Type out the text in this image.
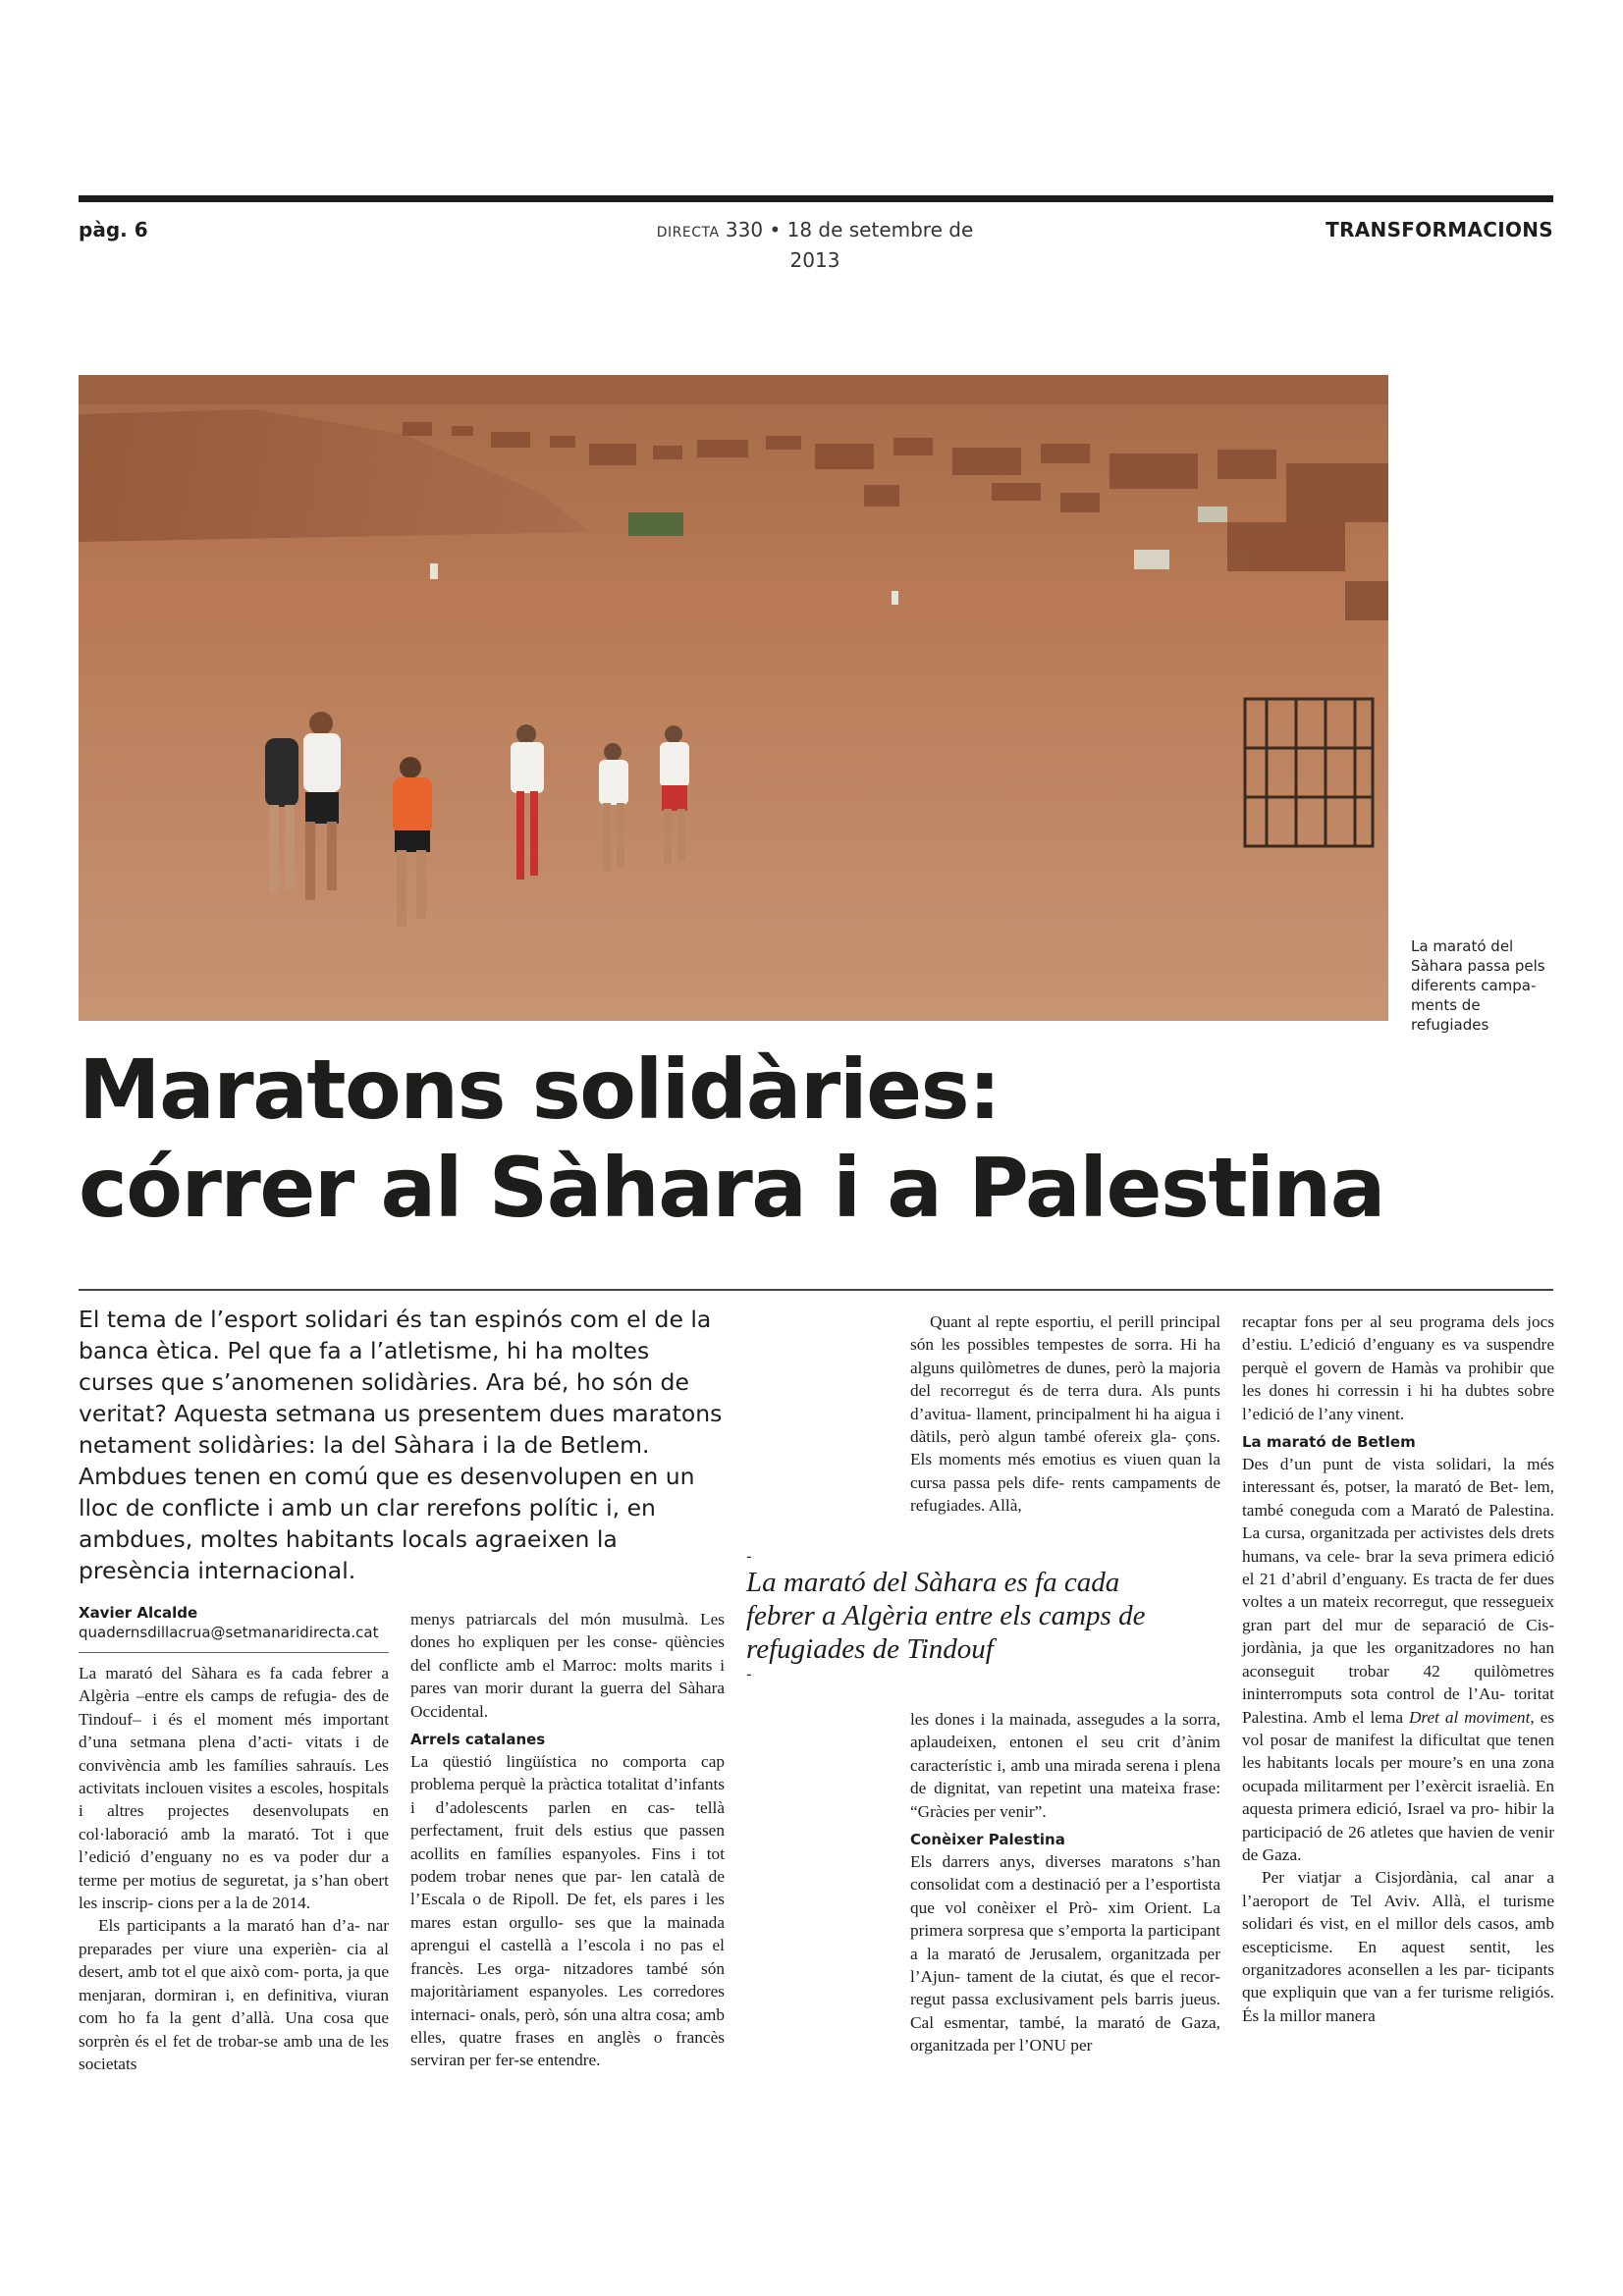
pàg. 6	DIRECTA 330 • 18 de setembre de 2013
TRANSFORMACIONS
La marató del Sàhara passa pels diferents campa- ments de refugiades
Maratons solidàries:
córrer al Sàhara i a Palestina
El tema de l’esport solidari és tan espinós com el de la banca ètica. Pel que fa a l’atletisme, hi ha moltes curses que s’anomenen solidàries. Ara bé, ho són de veritat? Aquesta setmana us presentem dues maratons netament solidàries: la del Sàhara i la de Betlem. Ambdues tenen en comú que es desenvolupen en un lloc de conflicte i amb un clar rerefons polític i, en ambdues, moltes habitants locals agraeixen la presència internacional.
Xavier Alcalde
quadernsdillacrua@setmanaridirecta.cat

La marató del Sàhara es fa cada febrer a Algèria –entre els camps de refugia- des de Tindouf– i és el moment més important d’una setmana plena d’acti- vitats i de convivència amb les famílies sahrauís. Les activitats inclouen visites a escoles, hospitals i altres projectes desenvolupats en col·laboració amb la marató. Tot i que l’edició d’enguany no es va poder dur a terme per motius de seguretat, ja s’han obert les inscrip- cions per a la de 2014.

Els participants a la marató han d’a- nar preparades per viure una experièn- cia al desert, amb tot el que això com- porta, ja que menjaran, dormiran i, en definitiva, viuran com ho fa la gent d’allà. Una cosa que sorprèn és el fet de trobar-se amb una de les societats

menys patriarcals del món musulmà. Les dones ho expliquen per les conse- qüències del conflicte amb el Marroc: molts marits i pares van morir durant la guerra del Sàhara Occidental.

Arrels catalanes

La qüestió lingüística no comporta cap problema perquè la pràctica totalitat d’infants i d’adolescents parlen en cas- tellà perfectament, fruit dels estius que passen acollits en famílies espanyoles. Fins i tot podem trobar nenes que par- len català de l’Escala o de Ripoll. De fet, els pares i les mares estan orgullo- ses que la mainada aprengui el castellà a l’escola i no pas el francès. Les orga- nitzadores també són majoritàriament espanyoles. Les corredores internaci- onals, però, són una altra cosa; amb elles, quatre frases en anglès o francès serviran per fer-se entendre.

Quant al repte esportiu, el perill principal són les possibles tempestes de sorra. Hi ha alguns quilòmetres de dunes, però la majoria del recorregut és de terra dura. Als punts d’avitua- llament, principalment hi ha aigua i dàtils, però algun també ofereix gla- çons. Els moments més emotius es viuen quan la cursa passa pels dife- rents campaments de refugiades. Allà,

-
La marató del Sàhara es fa cada febrer a Algèria entre els camps de refugiades de Tindouf
-

les dones i la mainada, assegudes a la sorra, aplaudeixen, entonen el seu crit d’ànim característic i, amb una mirada serena i plena de dignitat, van repetint una mateixa frase: “Gràcies per venir”.

Conèixer Palestina

Els darrers anys, diverses maratons s’han consolidat com a destinació per a l’esportista que vol conèixer el Prò- xim Orient. La primera sorpresa que s’emporta la participant a la marató de Jerusalem, organitzada per l’Ajun- tament de la ciutat, és que el recor- regut passa exclusivament pels barris jueus. Cal esmentar, també, la marató de Gaza, organitzada per l’ONU per

recaptar fons per al seu programa dels jocs d’estiu. L’edició d’enguany es va suspendre perquè el govern de Hamàs va prohibir que les dones hi corressin i hi ha dubtes sobre l’edició de l’any vinent.

La marató de Betlem

Des d’un punt de vista solidari, la més interessant és, potser, la marató de Bet- lem, també coneguda com a Marató de Palestina. La cursa, organitzada per activistes dels drets humans, va cele- brar la seva primera edició el 21 d’abril d’enguany. Es tracta de fer dues voltes a un mateix recorregut, que ressegueix gran part del mur de separació de Cis- jordània, ja que les organitzadores no han aconseguit trobar 42 quilòmetres ininterromputs sota control de l’Au- toritat Palestina. Amb el lema Dret al moviment, es vol posar de manifest la dificultat que tenen les habitants locals per moure’s en una zona ocupada militarment per l’exèrcit israelià. En aquesta primera edició, Israel va pro- hibir la participació de 26 atletes que havien de venir de Gaza.

Per viatjar a Cisjordània, cal anar a l’aeroport de Tel Aviv. Allà, el turisme solidari és vist, en el millor dels casos, amb escepticisme. En aquest sentit, les organitzadores aconsellen a les par- ticipants que expliquin que van a fer turisme religiós. És la millor manera
